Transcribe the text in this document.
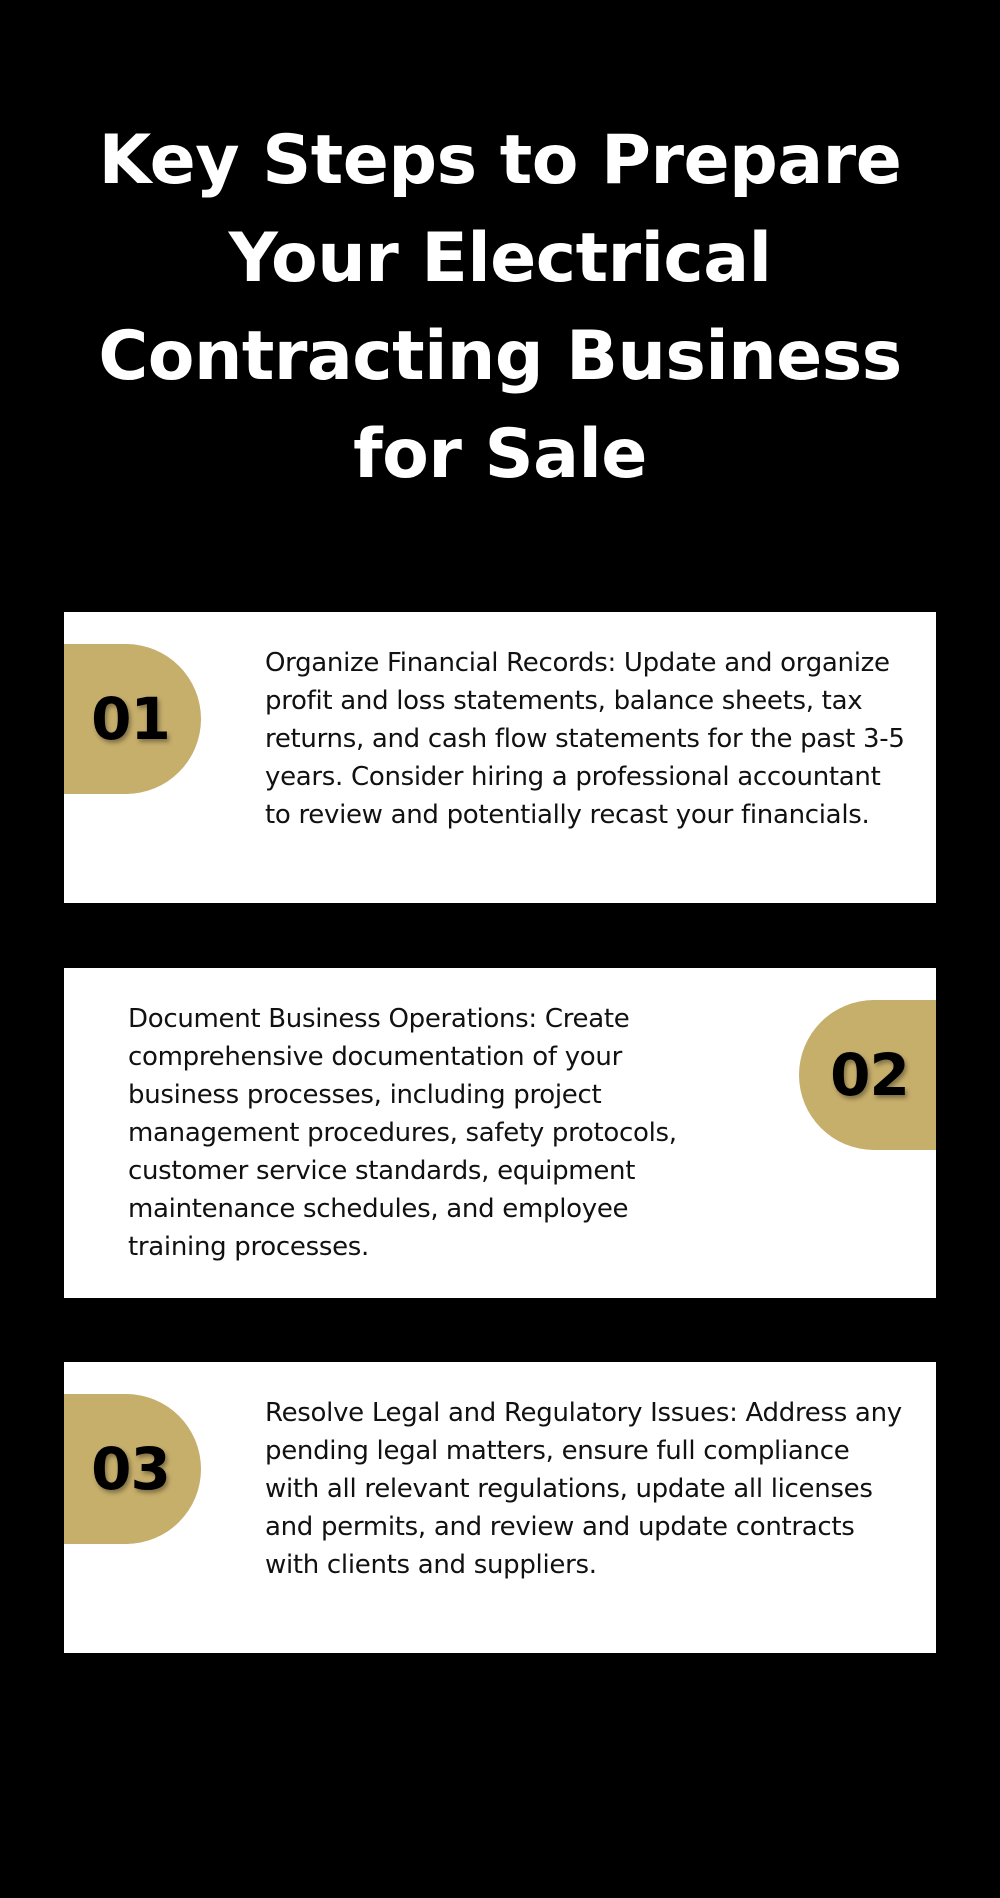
Key Steps to Prepare Your Electrical Contracting Business for Sale
01

Organize Financial Records: Update and organize profit and loss statements, balance sheets, tax returns, and cash flow statements for the past 3-5 years. Consider hiring a professional accountant to review and potentially recast your financials.

Document Business Operations: Create comprehensive documentation of your business processes, including project management procedures, safety protocols, customer service standards, equipment maintenance schedules, and employee training processes.

02
03

Resolve Legal and Regulatory Issues: Address any pending legal matters, ensure full compliance with all relevant regulations, update all licenses and permits, and review and update contracts with clients and suppliers.
